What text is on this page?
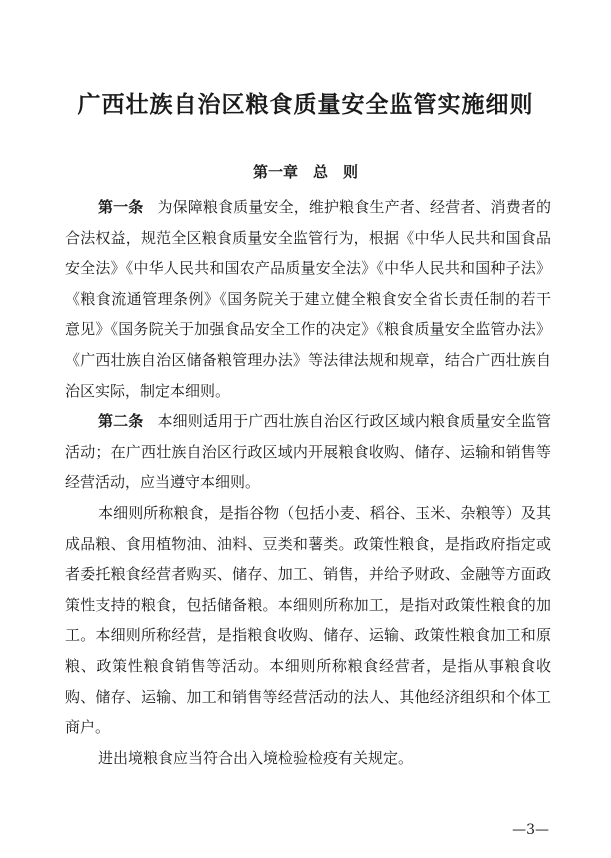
广西壮族自治区粮食质量安全监管实施细则
第一章　总　则

第一条 为保障粮食质量安全，维护粮食生产者、经营者、消费者的合法权益，规范全区粮食质量安全监管行为，根据《中华人民共和国食品安全法》《中华人民共和国农产品质量安全法》《中华人民共和国种子法》《粮食流通管理条例》《国务院关于建立健全粮食安全省长责任制的若干意见》《国务院关于加强食品安全工作的决定》《粮食质量安全监管办法》《广西壮族自治区储备粮管理办法》等法律法规和规章，结合广西壮族自治区实际，制定本细则。

第二条 本细则适用于广西壮族自治区行政区域内粮食质量安全监管活动；在广西壮族自治区行政区域内开展粮食收购、储存、运输和销售等经营活动，应当遵守本细则。

本细则所称粮食，是指谷物（包括小麦、稻谷、玉米、杂粮等）及其成品粮、食用植物油、油料、豆类和薯类。政策性粮食，是指政府指定或者委托粮食经营者购买、储存、加工、销售，并给予财政、金融等方面政策性支持的粮食，包括储备粮。本细则所称加工，是指对政策性粮食的加工。本细则所称经营，是指粮食收购、储存、运输、政策性粮食加工和原粮、政策性粮食销售等活动。本细则所称粮食经营者，是指从事粮食收购、储存、运输、加工和销售等经营活动的法人、其他经济组织和个体工商户。

进出境粮食应当符合出入境检验检疫有关规定。

—3—
